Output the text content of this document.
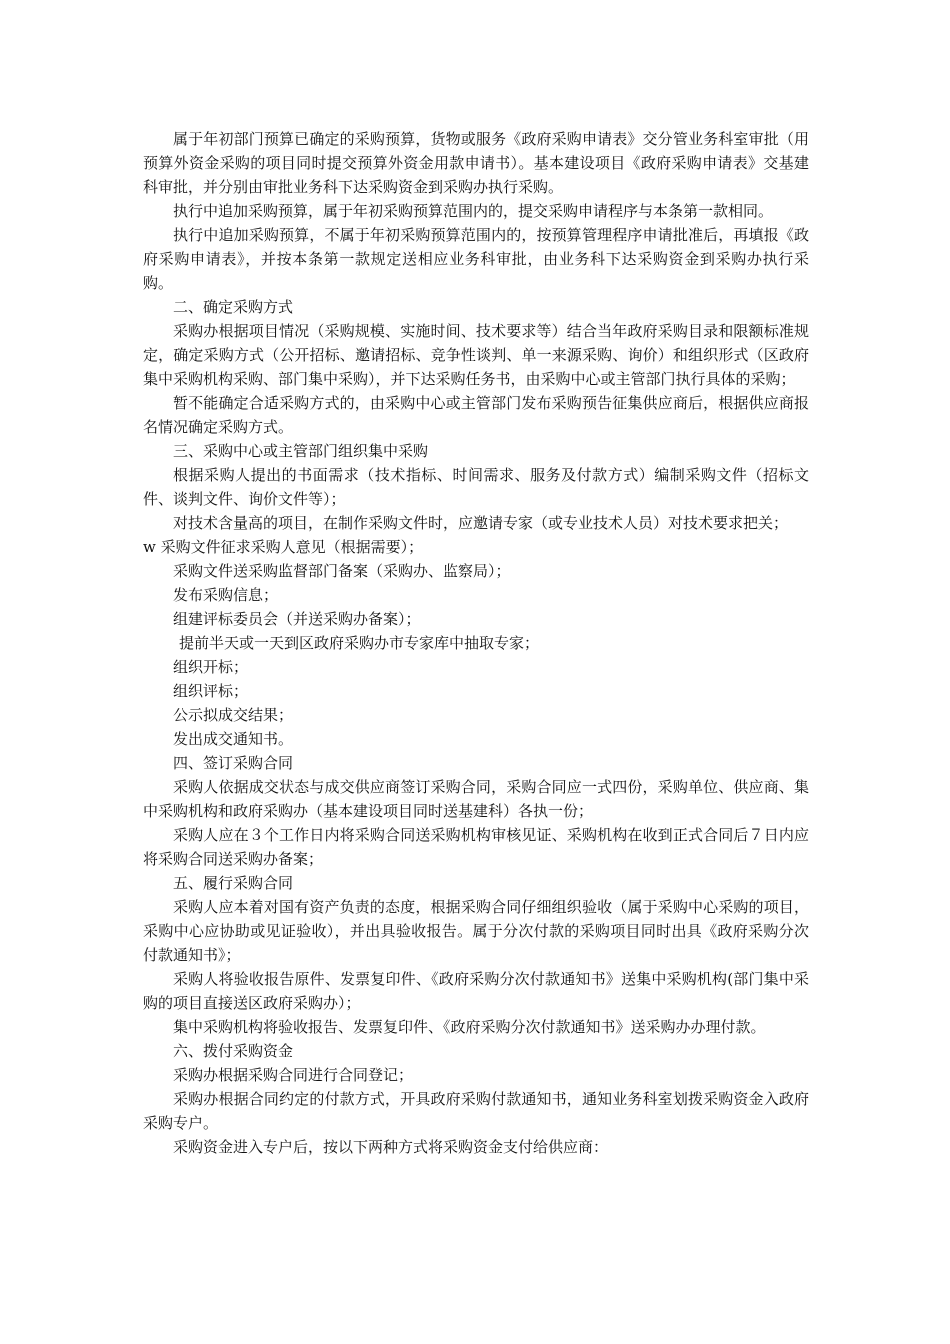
属于年初部门预算已确定的采购预算，货物或服务《政府采购申请表》交分管业务科室审批（用预算外资金采购的项目同时提交预算外资金用款申请书）。基本建设项目《政府采购申请表》交基建科审批，并分别由审批业务科下达采购资金到采购办执行采购。

执行中追加采购预算，属于年初采购预算范围内的，提交采购申请程序与本条第一款相同。

执行中追加采购预算，不属于年初采购预算范围内的，按预算管理程序申请批准后，再填报《政府采购申请表》，并按本条第一款规定送相应业务科审批，由业务科下达采购资金到采购办执行采购。

二、确定采购方式

采购办根据项目情况（采购规模、实施时间、技术要求等）结合当年政府采购目录和限额标准规定，确定采购方式（公开招标、邀请招标、竞争性谈判、单一来源采购、询价）和组织形式（区政府集中采购机构采购、部门集中采购），并下达采购任务书，由采购中心或主管部门执行具体的采购；

暂不能确定合适采购方式的，由采购中心或主管部门发布采购预告征集供应商后，根据供应商报名情况确定采购方式。

三、采购中心或主管部门组织集中采购

根据采购人提出的书面需求（技术指标、时间需求、服务及付款方式）编制采购文件（招标文件、谈判文件、询价文件等）；

对技术含量高的项目，在制作采购文件时，应邀请专家（或专业技术人员）对技术要求把关；

w 采购文件征求采购人意见（根据需要）；

采购文件送采购监督部门备案（采购办、监察局）；

发布采购信息；

组建评标委员会（并送采购办备案）；

提前半天或一天到区政府采购办市专家库中抽取专家；

组织开标；

组织评标；

公示拟成交结果；

发出成交通知书。

四、签订采购合同

采购人依据成交状态与成交供应商签订采购合同，采购合同应一式四份，采购单位、供应商、集中采购机构和政府采购办（基本建设项目同时送基建科）各执一份；

采购人应在３个工作日内将采购合同送采购机构审核见证、采购机构在收到正式合同后７日内应将采购合同送采购办备案；

五、履行采购合同

采购人应本着对国有资产负责的态度，根据采购合同仔细组织验收（属于采购中心采购的项目，采购中心应协助或见证验收），并出具验收报告。属于分次付款的采购项目同时出具《政府采购分次付款通知书》；

采购人将验收报告原件、发票复印件、《政府采购分次付款通知书》送集中采购机构(部门集中采购的项目直接送区政府采购办）；

集中采购机构将验收报告、发票复印件、《政府采购分次付款通知书》送采购办办理付款。

六、拨付采购资金

采购办根据采购合同进行合同登记；

采购办根据合同约定的付款方式，开具政府采购付款通知书，通知业务科室划拨采购资金入政府采购专户。

采购资金进入专户后，按以下两种方式将采购资金支付给供应商：
